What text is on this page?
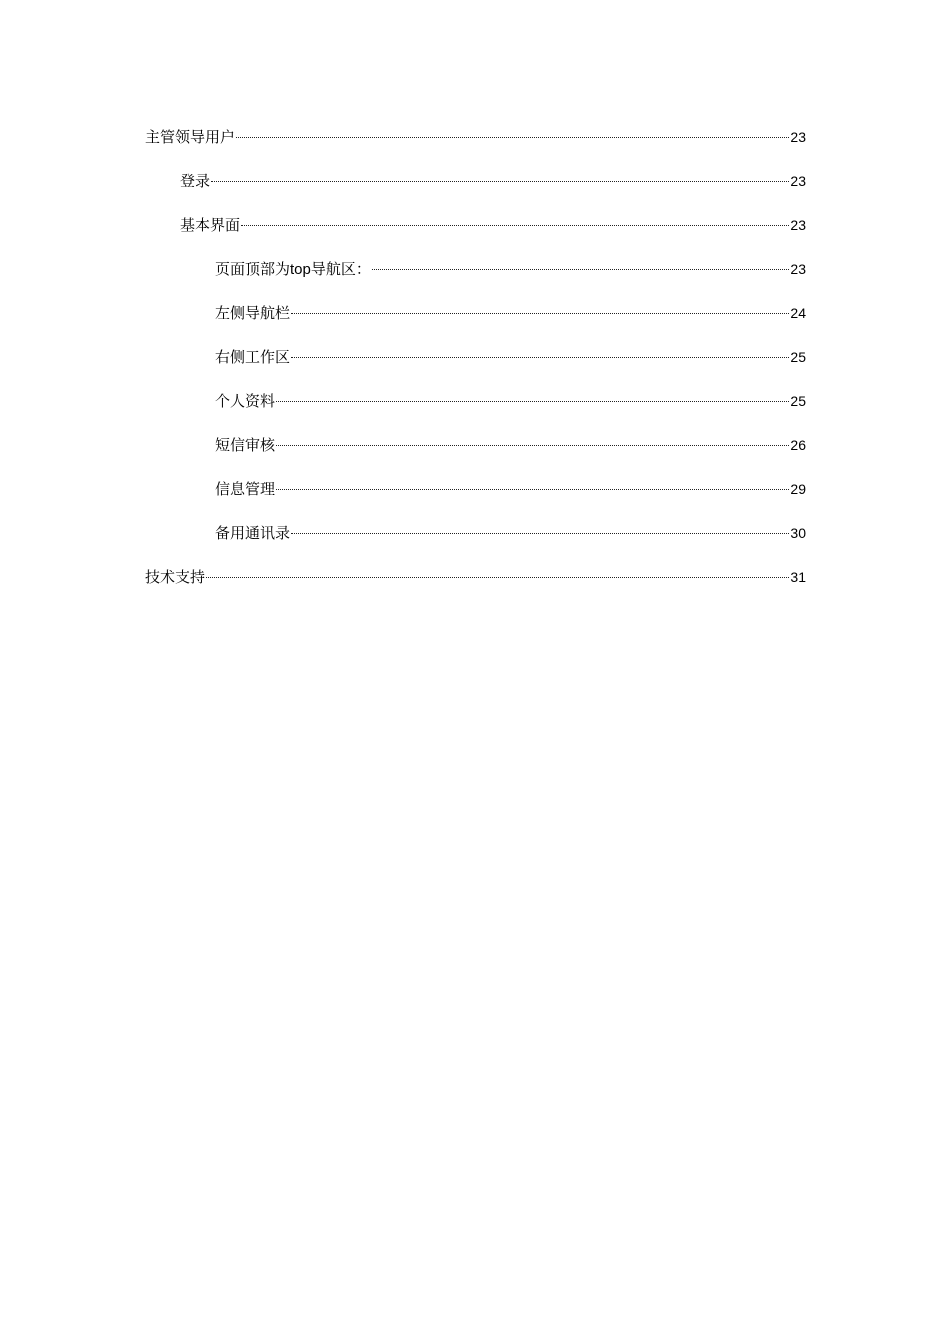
主管领导用户	23
登录	23
基本界面	23
页面顶部为top导航区：	23
左侧导航栏	24
右侧工作区	25
个人资料	25
短信审核	26
信息管理	29
备用通讯录	30
技术支持	31
